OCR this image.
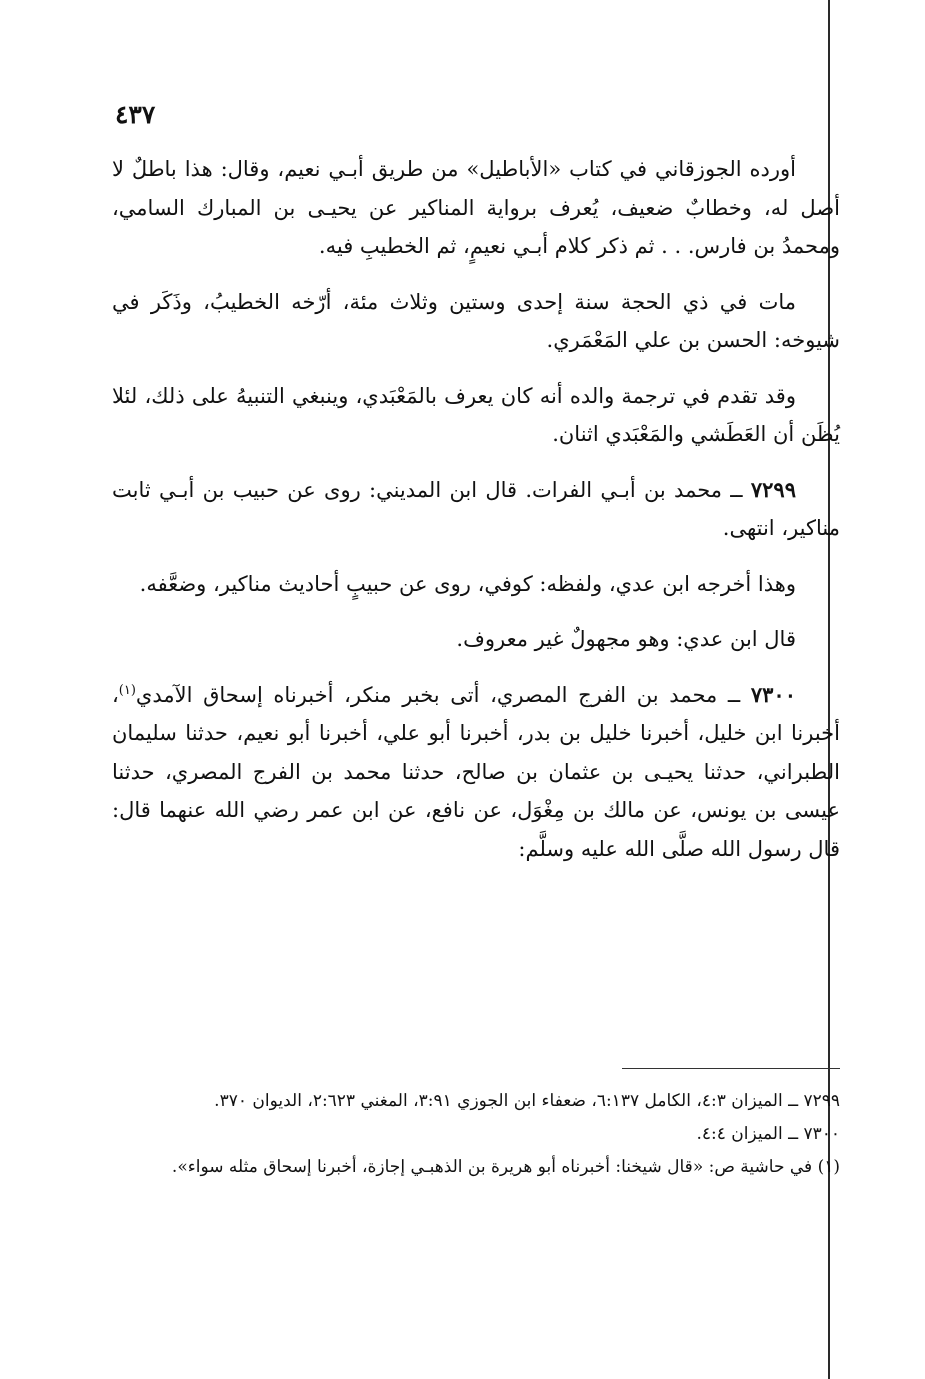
٤٣٧

أورده الجوزقاني في كتاب «الأباطيل» من طريق أبـي نعيم، وقال: هذا باطلٌ لا أصل له، وخطابٌ ضعيف، يُعرف برواية المناكير عن يحيـى بن المبارك السامي، ومحمدُ بن فارس. . . ثم ذكر كلام أبـي نعيمٍ، ثم الخطيبِ فيه.

مات في ذي الحجة سنة إحدى وستين وثلاث مئة، أرّخه الخطيبُ، وذَكَر في شيوخه: الحسن بن علي المَعْمَري.

وقد تقدم في ترجمة والده أنه كان يعرف بالمَعْبَدي، وينبغي التنبيهُ على ذلك، لئلا يُظَن أن العَطَشي والمَعْبَدي اثنان.

٧٢٩٩ ــ محمد بن أبـي الفرات. قال ابن المديني: روى عن حبيب بن أبـي ثابت مناكير، انتهى.

وهذا أخرجه ابن عدي، ولفظه: كوفي، روى عن حبيبٍ أحاديث مناكير، وضعَّفه.

قال ابن عدي: وهو مجهولٌ غير معروف.

٧٣٠٠ ــ محمد بن الفرج المصري، أتى بخبر منكر، أخبرناه إسحاق الآمدي$^{(١)}$، أخبرنا ابن خليل، أخبرنا خليل بن بدر، أخبرنا أبو علي، أخبرنا أبو نعيم، حدثنا سليمان الطبراني، حدثنا يحيـى بن عثمان بن صالح، حدثنا محمد بن الفرج المصري، حدثنا عيسى بن يونس، عن مالك بن مِغْوَل، عن نافع، عن ابن عمر رضي الله عنهما قال: قال رسول الله صلَّى الله عليه وسلَّم:

٧٢٩٩ ــ الميزان ٤:٣، الكامل ٦:١٣٧، ضعفاء ابن الجوزي ٣:٩١، المغني ٢:٦٢٣، الديوان ٣٧٠.

٧٣٠٠ ــ الميزان ٤:٤.

(١) في حاشية ص: «قال شيخنا: أخبرناه أبو هريرة بن الذهبـي إجازة، أخبرنا إسحاق مثله سواء».
